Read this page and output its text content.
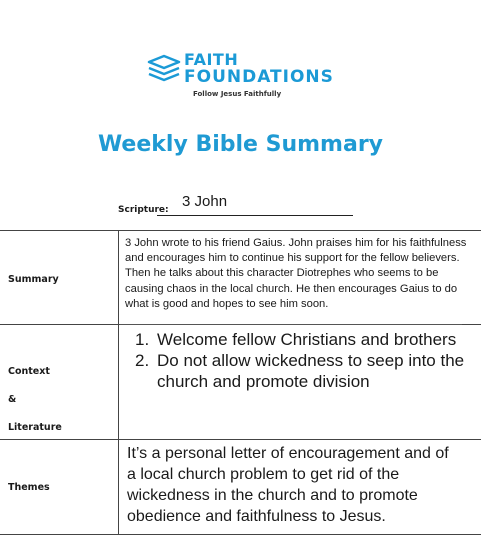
FAITH
FOUNDATIONS
Follow Jesus Faithfully
Weekly Bible Summary
Scripture: 3 John
Summary
3 John wrote to his friend Gaius. John praises him for his faithfulness and encourages him to continue his support for the fellow believers. Then he talks about this character Diotrephes who seems to be causing chaos in the local church. He then encourages Gaius to do what is good and hopes to see him soon.
Context
&
Literature
1. Welcome fellow Christians and brothers
2. Do not allow wickedness to seep into the church and promote division
Themes
It’s a personal letter of encouragement and of a local church problem to get rid of the wickedness in the church and to promote obedience and faithfulness to Jesus.
